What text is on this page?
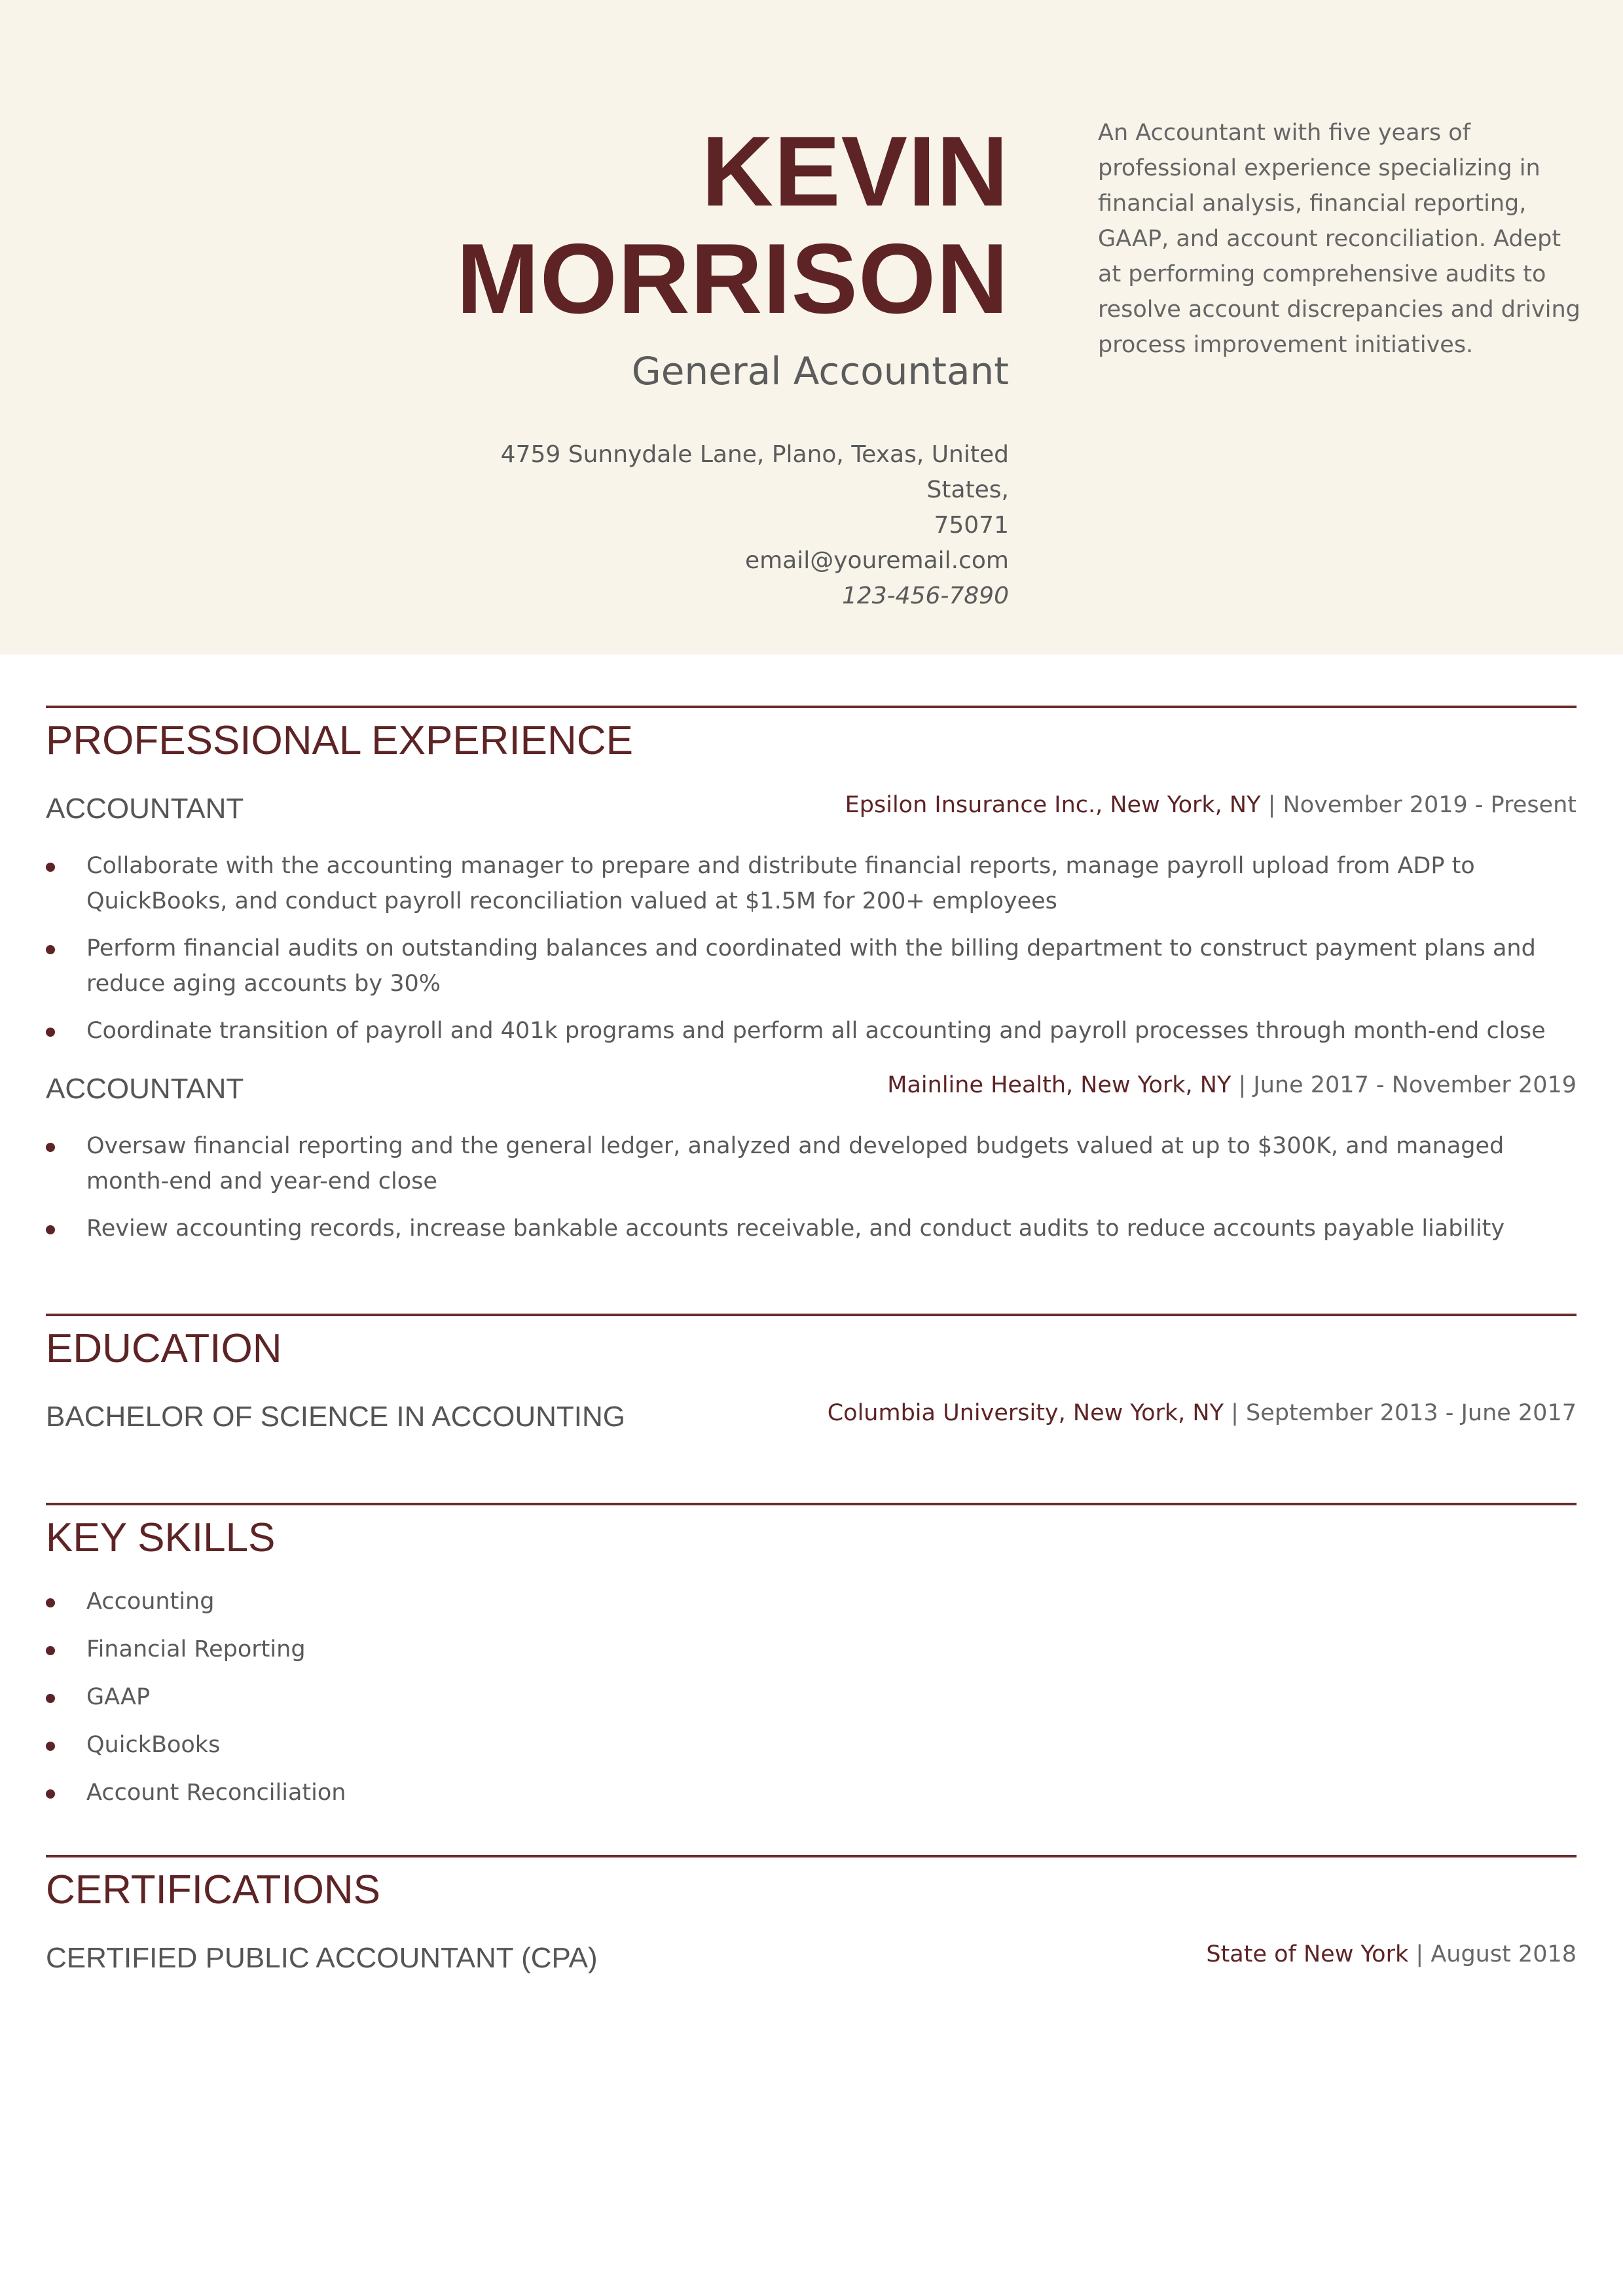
KEVIN
MORRISON
General Accountant
4759 Sunnydale Lane, Plano, Texas, United States,
75071
email@youremail.com
123-456-7890
An Accountant with five years of professional experience specializing in financial analysis, financial reporting, GAAP, and account reconciliation. Adept at performing comprehensive audits to resolve account discrepancies and driving process improvement initiatives.
PROFESSIONAL EXPERIENCE
ACCOUNTANT	Epsilon Insurance Inc., New York, NY | November 2019 - Present
Collaborate with the accounting manager to prepare and distribute financial reports, manage payroll upload from ADP to QuickBooks, and conduct payroll reconciliation valued at $1.5M for 200+ employees
Perform financial audits on outstanding balances and coordinated with the billing department to construct payment plans and reduce aging accounts by 30%
Coordinate transition of payroll and 401k programs and perform all accounting and payroll processes through month-end close
ACCOUNTANT	Mainline Health, New York, NY | June 2017 - November 2019
Oversaw financial reporting and the general ledger, analyzed and developed budgets valued at up to $300K, and managed month-end and year-end close
Review accounting records, increase bankable accounts receivable, and conduct audits to reduce accounts payable liability
EDUCATION
BACHELOR OF SCIENCE IN ACCOUNTING	Columbia University, New York, NY | September 2013 - June 2017
KEY SKILLS
Accounting
Financial Reporting
GAAP
QuickBooks
Account Reconciliation
CERTIFICATIONS
CERTIFIED PUBLIC ACCOUNTANT (CPA)	State of New York | August 2018
